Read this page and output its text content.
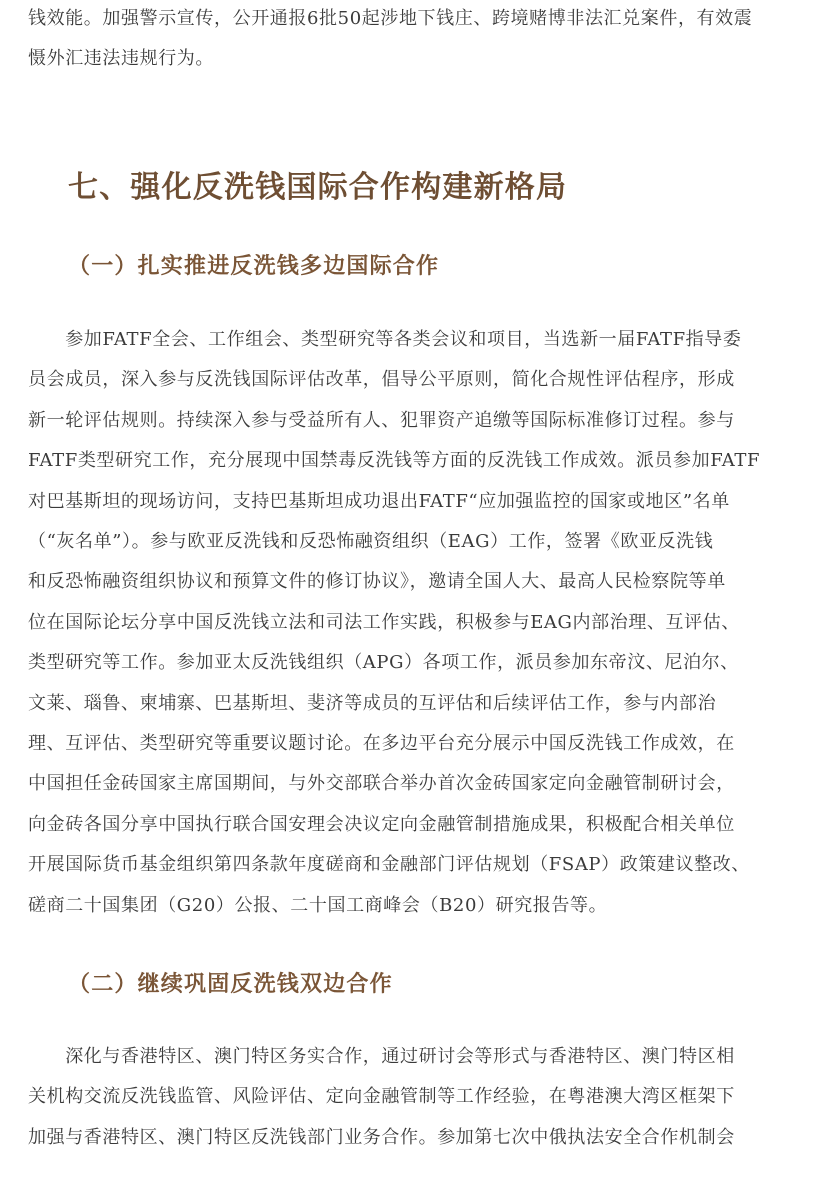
钱效能。加强警示宣传，公开通报6批50起涉地下钱庄、跨境赌博非法汇兑案件，有效震
慑外汇违法违规行为。

七、强化反洗钱国际合作构建新格局
（一）扎实推进反洗钱多边国际合作

　　参加FATF全会、工作组会、类型研究等各类会议和项目，当选新一届FATF指导委
员会成员，深入参与反洗钱国际评估改革，倡导公平原则，简化合规性评估程序，形成
新一轮评估规则。持续深入参与受益所有人、犯罪资产追缴等国际标准修订过程。参与
FATF类型研究工作，充分展现中国禁毒反洗钱等方面的反洗钱工作成效。派员参加FATF
对巴基斯坦的现场访问，支持巴基斯坦成功退出FATF“应加强监控的国家或地区”名单
（“灰名单”）。参与欧亚反洗钱和反恐怖融资组织（EAG）工作，签署《欧亚反洗钱
和反恐怖融资组织协议和预算文件的修订协议》，邀请全国人大、最高人民检察院等单
位在国际论坛分享中国反洗钱立法和司法工作实践，积极参与EAG内部治理、互评估、
类型研究等工作。参加亚太反洗钱组织（APG）各项工作，派员参加东帝汶、尼泊尔、
文莱、瑙鲁、柬埔寨、巴基斯坦、斐济等成员的互评估和后续评估工作，参与内部治
理、互评估、类型研究等重要议题讨论。在多边平台充分展示中国反洗钱工作成效，在
中国担任金砖国家主席国期间，与外交部联合举办首次金砖国家定向金融管制研讨会，
向金砖各国分享中国执行联合国安理会决议定向金融管制措施成果，积极配合相关单位
开展国际货币基金组织第四条款年度磋商和金融部门评估规划（FSAP）政策建议整改、
磋商二十国集团（G20）公报、二十国工商峰会（B20）研究报告等。

（二）继续巩固反洗钱双边合作

　　深化与香港特区、澳门特区务实合作，通过研讨会等形式与香港特区、澳门特区相
关机构交流反洗钱监管、风险评估、定向金融管制等工作经验，在粤港澳大湾区框架下
加强与香港特区、澳门特区反洗钱部门业务合作。参加第七次中俄执法安全合作机制会
